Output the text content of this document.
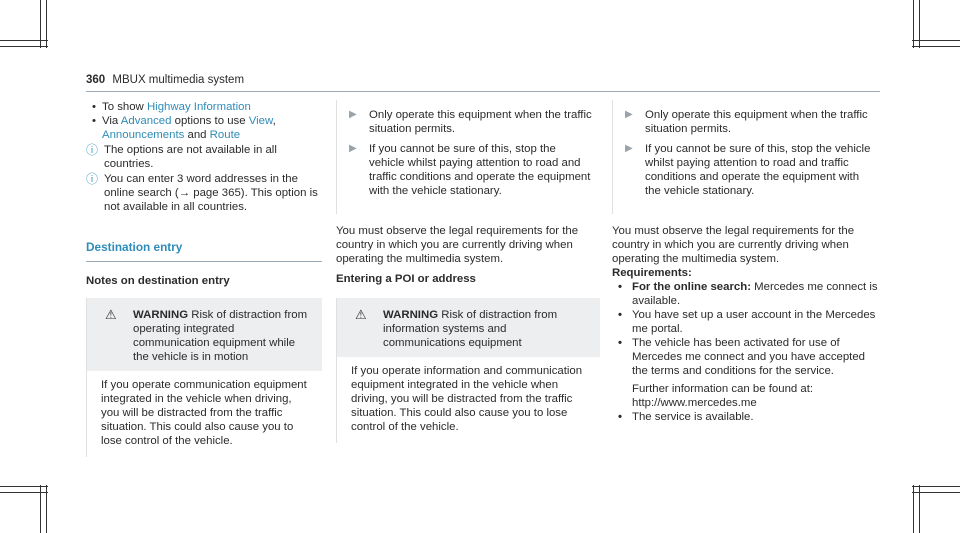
360 MBUX multimedia system
• To show Highway Information
• Via Advanced options to use View,
Announcements and Route
ⓘ The options are not available in all countries.
ⓘ You can enter 3 word addresses in the online search (→ page 365). This option is not available in all countries.
Destination entry
Notes on destination entry
⚠	WARNING Risk of distraction from operating integrated communication equipment while the vehicle is in motion
If you operate communication equipment integrated in the vehicle when driving, you will be distracted from the traffic situation. This could also cause you to lose control of the vehicle.
▶	Only operate this equipment when the traffic situation permits.
▶	If you cannot be sure of this, stop the vehicle whilst paying attention to road and traffic conditions and operate the equipment with the vehicle stationary.
You must observe the legal requirements for the country in which you are currently driving when operating the multimedia system.
Entering a POI or address
⚠	WARNING Risk of distraction from information systems and communications equipment
If you operate information and communication equipment integrated in the vehicle when driving, you will be distracted from the traffic situation. This could also cause you to lose control of the vehicle.
▶	Only operate this equipment when the traffic situation permits.
▶	If you cannot be sure of this, stop the vehicle whilst paying attention to road and traffic conditions and operate the equipment with the vehicle stationary.
You must observe the legal requirements for the country in which you are currently driving when operating the multimedia system.
Requirements:
• For the online search: Mercedes me connect is available.
• You have set up a user account in the Mercedes me portal.
• The vehicle has been activated for use of Mercedes me connect and you have accepted the terms and conditions for the service.
Further information can be found at: http://www.mercedes.me
• The service is available.
